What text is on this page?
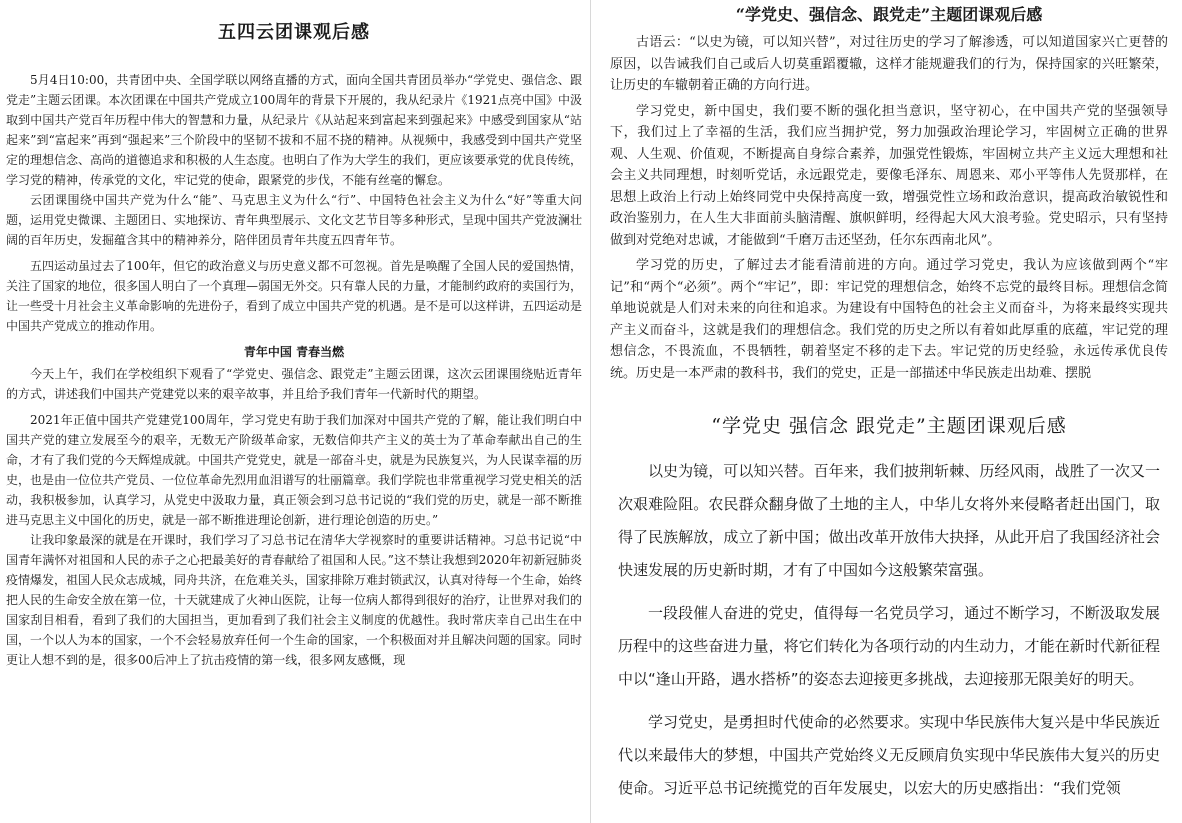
五四云团课观后感

5月4日10:00，共青团中央、全国学联以网络直播的方式，面向全国共青团员举办“学党史、强信念、跟党走”主题云团课。本次团课在中国共产党成立100周年的背景下开展的，我从纪录片《1921点亮中国》中汲取到中国共产党百年历程中伟大的智慧和力量，从纪录片《从站起来到富起来到强起来》中感受到国家从“站起来”到“富起来”再到“强起来”三个阶段中的坚韧不拔和不屈不挠的精神。从视频中，我感受到中国共产党坚定的理想信念、高尚的道德追求和积极的人生态度。也明白了作为大学生的我们，更应该要承党的优良传统，学习党的精神，传承党的文化，牢记党的使命，跟紧党的步伐，不能有丝毫的懈怠。

云团课围绕中国共产党为什么“能”、马克思主义为什么“行”、中国特色社会主义为什么“好”等重大问题，运用党史微课、主题团日、实地探访、青年典型展示、文化文艺节目等多种形式，呈现中国共产党波澜壮阔的百年历史，发掘蕴含其中的精神养分，陪伴团员青年共度五四青年节。

五四运动虽过去了100年，但它的政治意义与历史意义都不可忽视。首先是唤醒了全国人民的爱国热情，关注了国家的地位，很多国人明白了一个真理—弱国无外交。只有靠人民的力量，才能制约政府的卖国行为，让一些受十月社会主义革命影响的先进份子，看到了成立中国共产党的机遇。是不是可以这样讲，五四运动是中国共产党成立的推动作用。

青年中国 青春当燃

今天上午，我们在学校组织下观看了“学党史、强信念、跟党走”主题云团课，这次云团课围绕贴近青年的方式，讲述我们中国共产党建党以来的艰辛故事，并且给予我们青年一代新时代的期望。

2021年正值中国共产党建党100周年，学习党史有助于我们加深对中国共产党的了解，能让我们明白中国共产党的建立发展至今的艰辛，无数无产阶级革命家，无数信仰共产主义的英士为了革命奉献出自己的生命，才有了我们党的今天辉煌成就。中国共产党党史，就是一部奋斗史，就是为民族复兴，为人民谋幸福的历史，也是由一位位共产党员、一位位革命先烈用血泪谱写的壮丽篇章。我们学院也非常重视学习党史相关的活动，我积极参加，认真学习，从党史中汲取力量，真正领会到习总书记说的“我们党的历史，就是一部不断推进马克思主义中国化的历史，就是一部不断推进理论创新，进行理论创造的历史。”

让我印象最深的就是在开课时，我们学习了习总书记在清华大学视察时的重要讲话精神。习总书记说“中国青年满怀对祖国和人民的赤子之心把最美好的青春献给了祖国和人民。”这不禁让我想到2020年初新冠肺炎疫情爆发，祖国人民众志成城，同舟共济，在危难关头，国家排除万难封锁武汉，认真对待每一个生命，始终把人民的生命安全放在第一位，十天就建成了火神山医院，让每一位病人都得到很好的治疗，让世界对我们的国家刮目相看，看到了我们的大国担当，更加看到了我们社会主义制度的优越性。我时常庆幸自己出生在中国，一个以人为本的国家，一个不会轻易放弃任何一个生命的国家，一个积极面对并且解决问题的国家。同时更让人想不到的是，很多00后冲上了抗击疫情的第一线，很多网友感慨，现

“学党史、强信念、跟党走”主题团课观后感

古语云：“以史为镜，可以知兴替”，对过往历史的学习了解渗透，可以知道国家兴亡更替的原因，以告诫我们自己或后人切莫重蹈覆辙，这样才能规避我们的行为，保持国家的兴旺繁荣，让历史的车辙朝着正确的方向行进。

学习党史，新中国史，我们要不断的强化担当意识，坚守初心，在中国共产党的坚强领导下，我们过上了幸福的生活，我们应当拥护党，努力加强政治理论学习，牢固树立正确的世界观、人生观、价值观，不断提高自身综合素养，加强党性锻炼，牢固树立共产主义远大理想和社会主义共同理想，时刻听党话，永远跟党走，要像毛泽东、周恩来、邓小平等伟人先贤那样，在思想上政治上行动上始终同党中央保持高度一致，增强党性立场和政治意识，提高政治敏锐性和政治鉴别力，在人生大非面前头脑清醒、旗帜鲜明，经得起大风大浪考验。党史昭示，只有坚持做到对党绝对忠诚，才能做到“千磨万击还坚劲，任尔东西南北风”。

学习党的历史，了解过去才能看清前进的方向。通过学习党史，我认为应该做到两个“牢记”和“两个“必须”。两个“牢记”，即：牢记党的理想信念，始终不忘党的最终目标。理想信念简单地说就是人们对未来的向往和追求。为建设有中国特色的社会主义而奋斗，为将来最终实现共产主义而奋斗，这就是我们的理想信念。我们党的历史之所以有着如此厚重的底蕴，牢记党的理想信念，不畏流血，不畏牺牲，朝着坚定不移的走下去。牢记党的历史经验，永远传承优良传统。历史是一本严肃的教科书，我们的党史，正是一部描述中华民族走出劫难、摆脱

“学党史 强信念 跟党走”主题团课观后感

以史为镜，可以知兴替。百年来，我们披荆斩棘、历经风雨，战胜了一次又一次艰难险阻。农民群众翻身做了土地的主人，中华儿女将外来侵略者赶出国门，取得了民族解放，成立了新中国；做出改革开放伟大抉择，从此开启了我国经济社会快速发展的历史新时期，才有了中国如今这般繁荣富强。

一段段催人奋进的党史，值得每一名党员学习，通过不断学习，不断汲取发展历程中的这些奋进力量，将它们转化为各项行动的内生动力，才能在新时代新征程中以“逢山开路，遇水搭桥”的姿态去迎接更多挑战，去迎接那无限美好的明天。

学习党史，是勇担时代使命的必然要求。实现中华民族伟大复兴是中华民族近代以来最伟大的梦想，中国共产党始终义无反顾肩负实现中华民族伟大复兴的历史使命。习近平总书记统揽党的百年发展史，以宏大的历史感指出：“我们党领
